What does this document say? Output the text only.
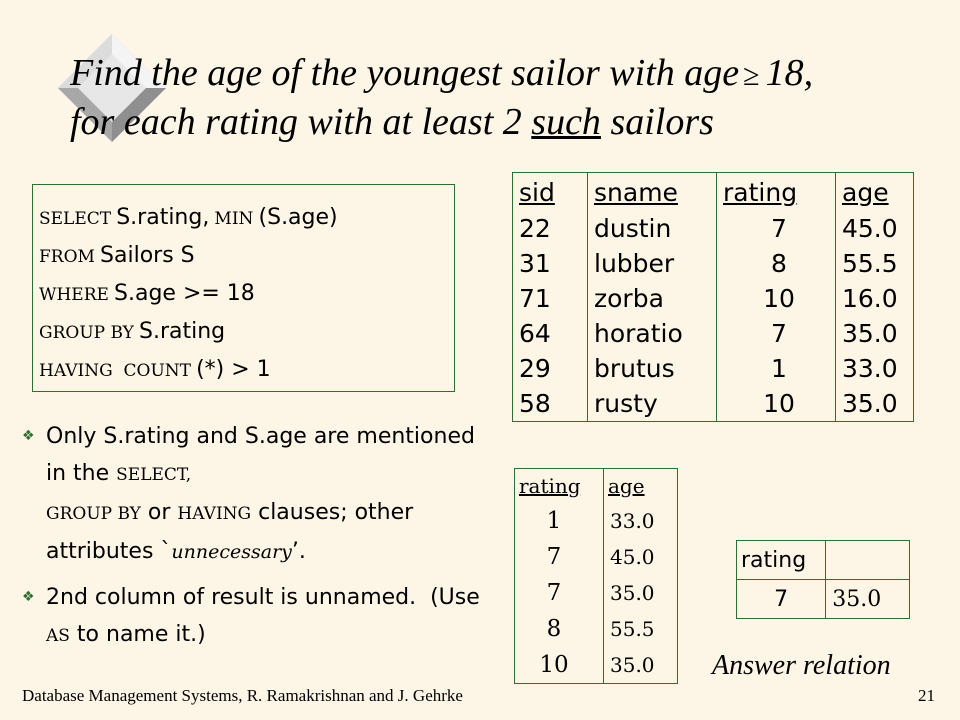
Find the age of the youngest sailor with age ≥ 18,
for each rating with at least 2 such sailors
SELECT S.rating, MIN (S.age)
FROM Sailors S
WHERE S.age >= 18
GROUP BY S.rating
HAVING  COUNT (*) > 1
❖ Only S.rating and S.age are mentioned in the SELECT,
GROUP BY or HAVING clauses; other attributes `unnecessary’.
❖ 2nd column of result is unnamed.  (Use AS to name it.)
sid	sname	rating	age
22	dustin	7	45.0
31	lubber	8	55.5
71	zorba	10	16.0
64	horatio	7	35.0
29	brutus	1	33.0
58	rusty	10	35.0
rating	age
1	33.0
7	45.0
7	35.0
8	55.5
10	35.0
rating	
7	35.0
Answer relation
Database Management Systems, R. Ramakrishnan and J. Gehrke	21
